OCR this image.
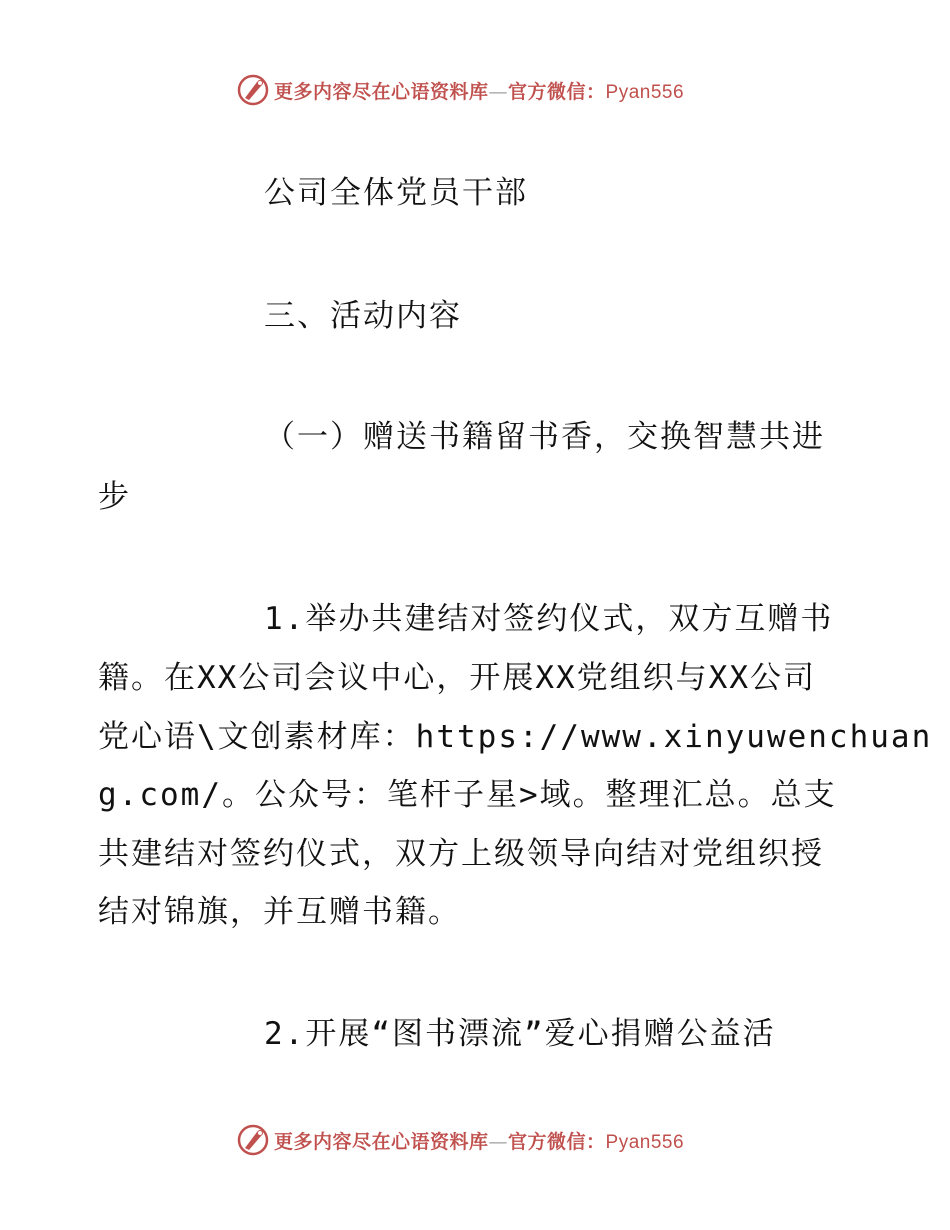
更多内容尽在心语资料库—官方微信：Pyan556
公司全体党员干部
三、活动内容
（一）赠送书籍留书香，交换智慧共进
步
1.举办共建结对签约仪式，双方互赠书
籍。在XX公司会议中心，开展XX党组织与XX公司
党心语\文创素材库：https://www.xinyuwenchuan
g.com/。公众号：笔杆子星>域。整理汇总。总支
共建结对签约仪式，双方上级领导向结对党组织授
结对锦旗，并互赠书籍。
2.开展“图书漂流”爱心捐赠公益活
更多内容尽在心语资料库—官方微信：Pyan556
